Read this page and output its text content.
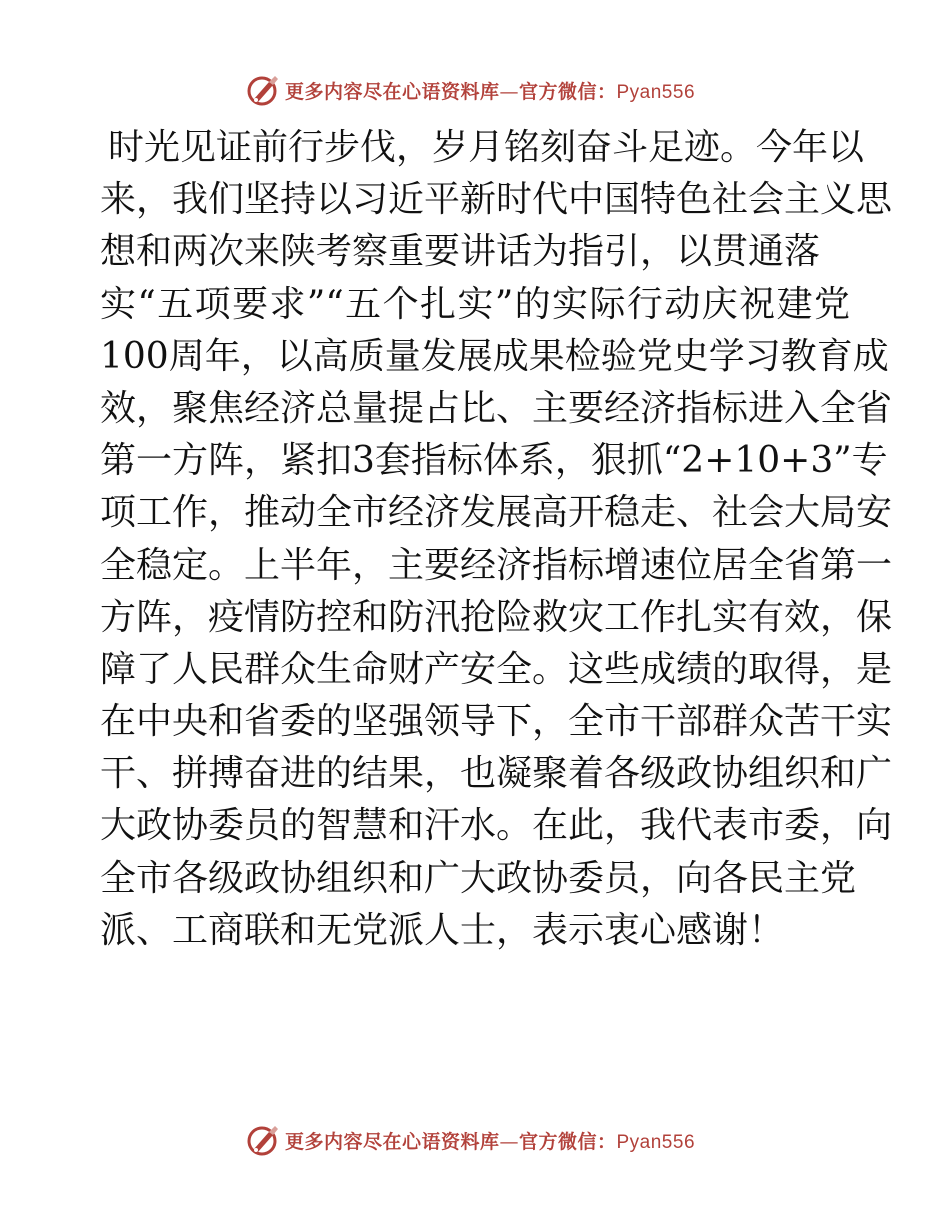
更多内容尽在心语资料库—官方微信：Pyan556
时光见证前行步伐，岁月铭刻奋斗足迹。今年以
来，我们坚持以习近平新时代中国特色社会主义思
想和两次来陕考察重要讲话为指引，以贯通落
实“五项要求”“五个扎实”的实际行动庆祝建党
100周年，以高质量发展成果检验党史学习教育成
效，聚焦经济总量提占比、主要经济指标进入全省
第一方阵，紧扣3套指标体系，狠抓“2+10+3”专
项工作，推动全市经济发展高开稳走、社会大局安
全稳定。上半年，主要经济指标增速位居全省第一
方阵，疫情防控和防汛抢险救灾工作扎实有效，保
障了人民群众生命财产安全。这些成绩的取得，是
在中央和省委的坚强领导下，全市干部群众苦干实
干、拼搏奋进的结果，也凝聚着各级政协组织和广
大政协委员的智慧和汗水。在此，我代表市委，向
全市各级政协组织和广大政协委员，向各民主党
派、工商联和无党派人士，表示衷心感谢！
更多内容尽在心语资料库—官方微信：Pyan556
